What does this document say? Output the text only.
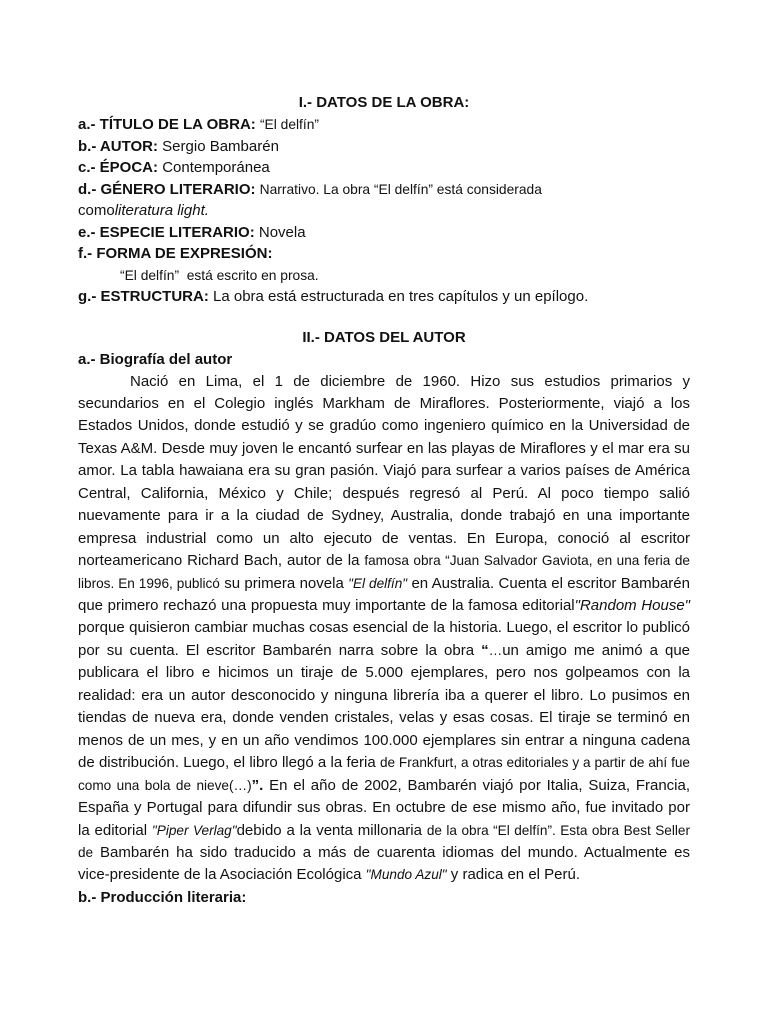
I.- DATOS DE LA OBRA:

a.- TÍTULO DE LA OBRA: “El delfín”

b.- AUTOR: Sergio Bambarén

c.- ÉPOCA: Contemporánea

d.- GÉNERO LITERARIO: Narrativo. La obra “El delfín” está considerada

comoliteratura light.

e.- ESPECIE LITERARIO: Novela

f.- FORMA DE EXPRESIÓN:

“El delfín”  está escrito en prosa.

g.- ESTRUCTURA: La obra está estructurada en tres capítulos y un epílogo.

II.- DATOS DEL AUTOR

a.- Biografía del autor

Nació en Lima, el 1 de diciembre de 1960. Hizo sus estudios primarios y secundarios en el Colegio inglés Markham de Miraflores. Posteriormente, viajó a los Estados Unidos, donde estudió y se gradúo como ingeniero químico en la Universidad de Texas A&M. Desde muy joven le encantó surfear en las playas de Miraflores y el mar era su amor. La tabla hawaiana era su gran pasión. Viajó para surfear a varios países de América Central, California, México y Chile; después regresó al Perú. Al poco tiempo salió nuevamente para ir a la ciudad de Sydney, Australia, donde trabajó en una importante empresa industrial como un alto ejecuto de ventas. En Europa, conoció al escritor norteamericano Richard Bach, autor de la famosa obra “Juan Salvador Gaviota, en una feria de libros. En 1996, publicó su primera novela "El delfín" en Australia. Cuenta el escritor Bambarén que primero rechazó una propuesta muy importante de la famosa editorial"Random House" porque quisieron cambiar muchas cosas esencial de la historia. Luego, el escritor lo publicó por su cuenta. El escritor Bambarén narra sobre la obra “…un amigo me animó a que publicara el libro e hicimos un tiraje de 5.000 ejemplares, pero nos golpeamos con la realidad: era un autor desconocido y ninguna librería iba a querer el libro. Lo pusimos en tiendas de nueva era, donde venden cristales, velas y esas cosas. El tiraje se terminó en menos de un mes, y en un año vendimos 100.000 ejemplares sin entrar a ninguna cadena de distribución. Luego, el libro llegó a la feria de Frankfurt, a otras editoriales y a partir de ahí fue como una bola de nieve(…)”. En el año de 2002, Bambarén viajó por Italia, Suiza, Francia, España y Portugal para difundir sus obras. En octubre de ese mismo año, fue invitado por la editorial "Piper Verlag"debido a la venta millonaria de la obra “El delfín”. Esta obra Best Seller de Bambarén ha sido traducido a más de cuarenta idiomas del mundo. Actualmente es vice-presidente de la Asociación Ecológica "Mundo Azul" y radica en el Perú.

b.- Producción literaria:
